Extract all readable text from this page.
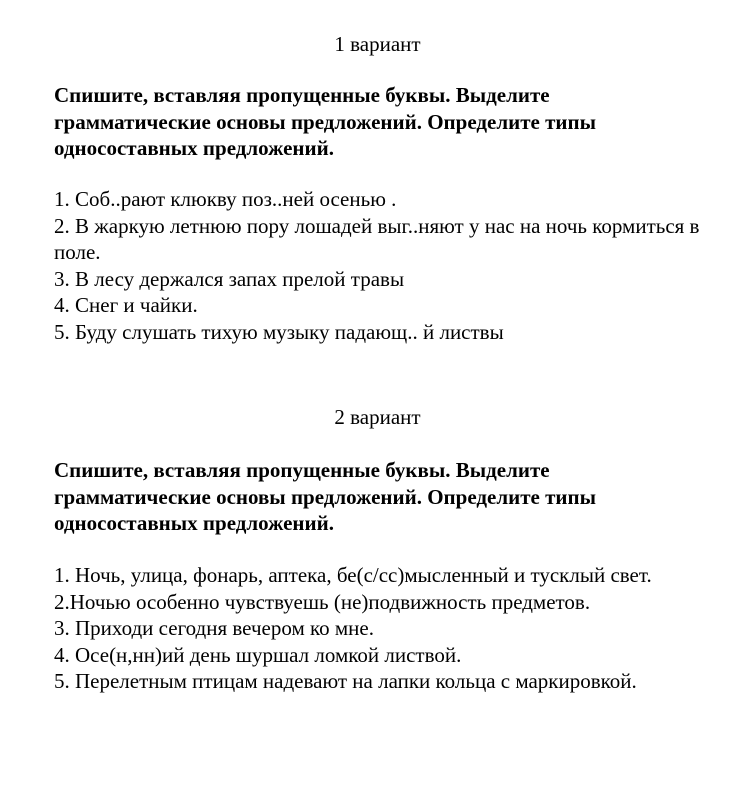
1 вариант
Спишите, вставляя пропущенные буквы. Выделите грамматические основы предложений. Определите типы односоставных предложений.
1. Соб..рают клюкву поз..ней осенью .
2. В жаркую летнюю пору лошадей выг..няют у нас на ночь кормиться в поле.
3. В лесу держался запах прелой травы
4. Снег и чайки.
5. Буду слушать тихую музыку падающ.. й листвы
2 вариант
Спишите, вставляя пропущенные буквы. Выделите грамматические основы предложений. Определите типы односоставных предложений.
1. Ночь, улица, фонарь, аптека, бе(с/сс)мысленный и тусклый свет.
2.Ночью особенно чувствуешь (не)подвижность предметов.
3. Приходи сегодня вечером ко мне.
4. Осе(н,нн)ий день шуршал ломкой листвой.
5. Перелетным птицам надевают на лапки кольца с маркировкой.
